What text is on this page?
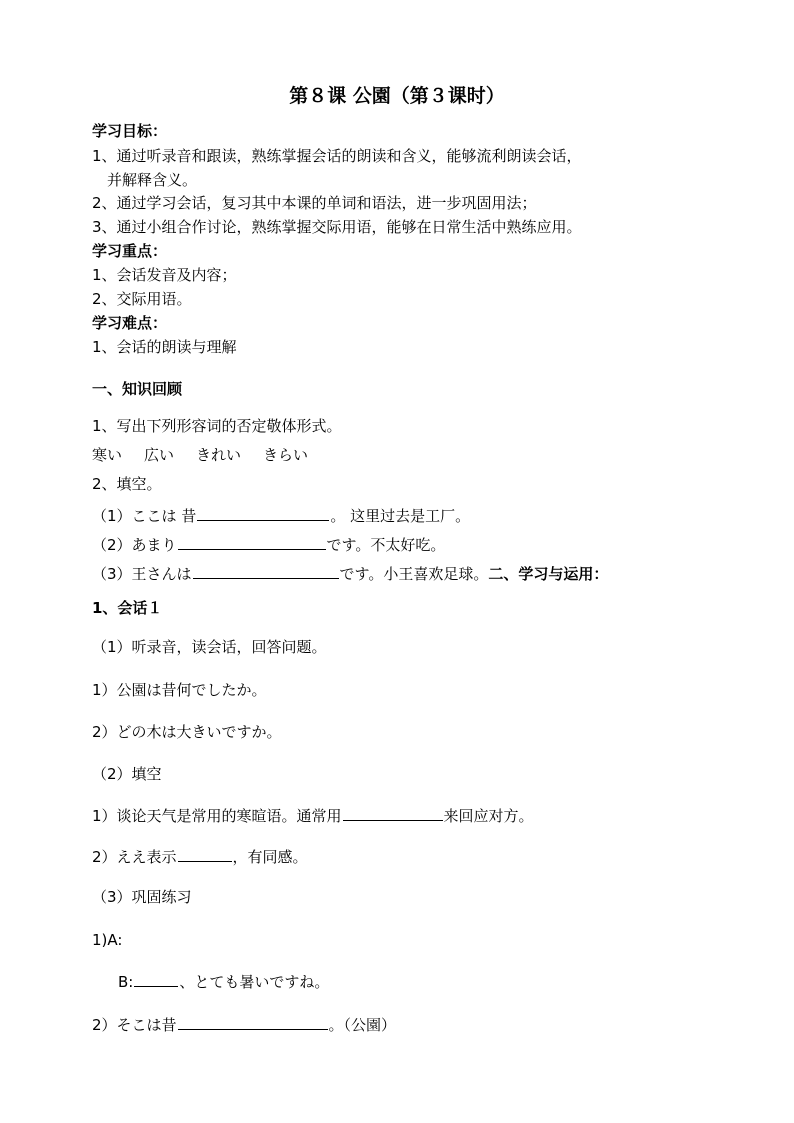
第８课 公園（第３课时）
学习目标：
1、通过听录音和跟读，熟练掌握会话的朗读和含义，能够流利朗读会话，
并解释含义。
2、通过学习会话，复习其中本课的单词和语法，进一步巩固用法；
3、通过小组合作讨论，熟练掌握交际用语，能够在日常生活中熟练应用。
学习重点：
1、会话发音及内容；
2、交际用语。
学习难点：
1、会话的朗读与理解
一、知识回顾
1、写出下列形容词的否定敬体形式。
寒い 広い きれい きらい
2、填空。
（1）ここは 昔	。 这里过去是工厂。
（2）あまり	です。不太好吃。
（3）王さんは	です。小王喜欢足球。二、学习与运用：
1、会话１
（1）听录音，读会话，回答问题。
1）公園は昔何でしたか。
2）どの木は大きいですか。
（2）填空
1）谈论天气是常用的寒暄语。通常用	来回应对方。
2）ええ表示	，有同感。
（3）巩固练习
1)A:
B:	、とても暑いですね。
2）そこは昔	。（公園）
